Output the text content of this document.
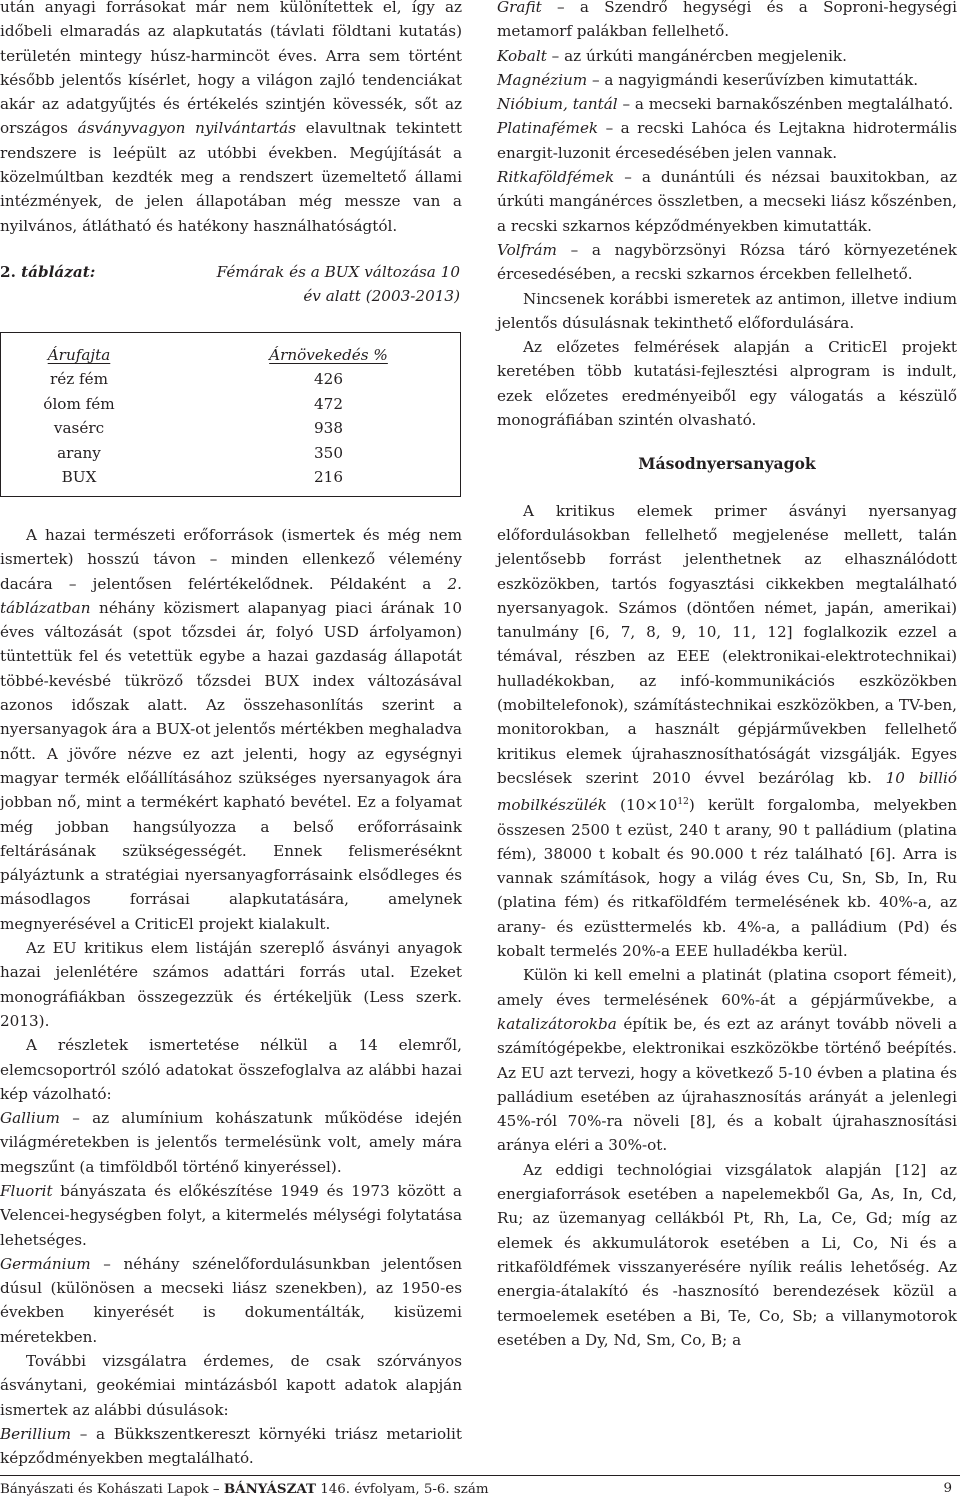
után anyagi forrásokat már nem különítettek el, így az időbeli elmaradás az alapkutatás (távlati földtani kutatás) területén mintegy húsz-harmincöt éves. Arra sem történt később jelentős kísérlet, hogy a világon zajló tendenciákat akár az adatgyűjtés és értékelés szintjén kövessék, sőt az országos ásványvagyon nyilvántartás elavultnak tekintett rendszere is leépült az utóbbi években. Megújítását a közelmúltban kezdték meg a rendszert üzemeltető állami intézmények, de jelen állapotában még messze van a nyilvános, átlátható és hatékony használhatóságtól.

2. táblázat:	Fémárak és a BUX változása 10 év alatt (2003-2013)
Árufajta	Árnövekedés %
réz fém	426
ólom fém	472
vasérc	938
arany	350
BUX	216

A hazai természeti erőforrások (ismertek és még nem ismertek) hosszú távon – minden ellenkező vélemény dacára – jelentősen felértékelődnek. Példaként a 2. táblázatban néhány közismert alapanyag piaci árának 10 éves változását (spot tőzsdei ár, folyó USD árfolyamon) tüntettük fel és vetettük egybe a hazai gazdaság állapotát többé-kevésbé tükröző tőzsdei BUX index változásával azonos időszak alatt. Az összehasonlítás szerint a nyersanyagok ára a BUX-ot jelentős mértékben meghaladva nőtt. A jövőre nézve ez azt jelenti, hogy az egységnyi magyar termék előállításához szükséges nyersanyagok ára jobban nő, mint a termékért kapható bevétel. Ez a folyamat még jobban hangsúlyozza a belső erőforrásaink feltárásának szükségességét. Ennek felismeréséknt pályáztunk a stratégiai nyersanyagforrásaink elsődleges és másodlagos forrásai alapkutatására, amelynek megnyerésével a CriticEl projekt kialakult.

Az EU kritikus elem listáján szereplő ásványi anyagok hazai jelenlétére számos adattári forrás utal. Ezeket monográfiákban összegezzük és értékeljük (Less szerk. 2013).

A részletek ismertetése nélkül a 14 elemről, elemcsoportról szóló adatokat összefoglalva az alábbi hazai kép vázolható:

Gallium – az alumínium kohászatunk működése idején világméretekben is jelentős termelésünk volt, amely mára megszűnt (a timföldből történő kinyeréssel).

Fluorit bányászata és előkészítése 1949 és 1973 között a Velencei-hegységben folyt, a kitermelés mélységi folytatása lehetséges.

Germánium – néhány szénelőfordulásunkban jelentősen dúsul (különösen a mecseki liász szenekben), az 1950-es években kinyerését is dokumentálták, kisüzemi méretekben.

További vizsgálatra érdemes, de csak szórványos ásványtani, geokémiai mintázásból kapott adatok alapján ismertek az alábbi dúsulások:

Berillium – a Bükkszentkereszt környéki triász metariolit képződményekben megtalálható.

Grafit – a Szendrő hegységi és a Soproni-hegységi metamorf palákban fellelhető.

Kobalt – az úrkúti mangánércben megjelenik.

Magnézium – a nagyigmándi keserűvízben kimutatták.

Nióbium, tantál – a mecseki barnakőszénben megtalálható.

Platinafémek – a recski Lahóca és Lejtakna hidrotermális enargit-luzonit ércesedésében jelen vannak.

Ritkaföldfémek – a dunántúli és nézsai bauxitokban, az úrkúti mangánérces összletben, a mecseki liász kőszénben, a recski szkarnos képződményekben kimutatták.

Volfrám – a nagybörzsönyi Rózsa táró környezetének ércesedésében, a recski szkarnos ércekben fellelhető.

Nincsenek korábbi ismeretek az antimon, illetve indium jelentős dúsulásnak tekinthető előfordulására.

Az előzetes felmérések alapján a CriticEl projekt keretében több kutatási-fejlesztési alprogram is indult, ezek előzetes eredményeiből egy válogatás a készülő monográfiában szintén olvasható.

Másodnyersanyagok

A kritikus elemek primer ásványi nyersanyag előfordulásokban fellelhető megjelenése mellett, talán jelentősebb forrást jelenthetnek az elhasználódott eszközökben, tartós fogyasztási cikkekben megtalálható nyersanyagok. Számos (döntően német, japán, amerikai) tanulmány [6, 7, 8, 9, 10, 11, 12] foglalkozik ezzel a témával, részben az EEE (elektronikai-elektrotechnikai) hulladékokban, az infó-kommunikációs eszközökben (mobiltelefonok), számítástechnikai eszközökben, a TV-ben, monitorokban, a használt gépjárművekben fellelhető kritikus elemek újrahasznosíthatóságát vizsgálják. Egyes becslések szerint 2010 évvel bezárólag kb. 10 billió mobilkészülék $(10\times 10^{12})$ került forgalomba, melyekben összesen 2500 t ezüst, 240 t arany, 90 t palládium (platina fém), 38000 t kobalt és 90.000 t réz található [6]. Arra is vannak számítások, hogy a világ éves Cu, Sn, Sb, In, Ru (platina fém) és ritkaföldfém termelésének kb. 40%-a, az arany- és ezüsttermelés kb. 4%-a, a palládium (Pd) és kobalt termelés 20%-a EEE hulladékba kerül.

Külön ki kell emelni a platinát (platina csoport fémeit), amely éves termelésének 60%-át a gépjárművekbe, a katalizátorokba építik be, és ezt az arányt tovább növeli a számítógépekbe, elektronikai eszközökbe történő beépítés. Az EU azt tervezi, hogy a következő 5-10 évben a platina és palládium esetében az újrahasznosítás arányát a jelenlegi 45%-ról 70%-ra növeli [8], és a kobalt újrahasznosítási aránya eléri a 30%-ot.

Az eddigi technológiai vizsgálatok alapján [12] az energiaforrások esetében a napelemekből Ga, As, In, Cd, Ru; az üzemanyag cellákból Pt, Rh, La, Ce, Gd; míg az elemek és akkumulátorok esetében a Li, Co, Ni és a ritkaföldfémek visszanyerésére nyílik reális lehetőség. Az energia-átalakító és -hasznosító berendezések közül a termoelemek esetében a Bi, Te, Co, Sb; a villanymotorok esetében a Dy, Nd, Sm, Co, B; a

Bányászati és Kohászati Lapok – BÁNYÁSZAT 146. évfolyam, 5-6. szám	9
